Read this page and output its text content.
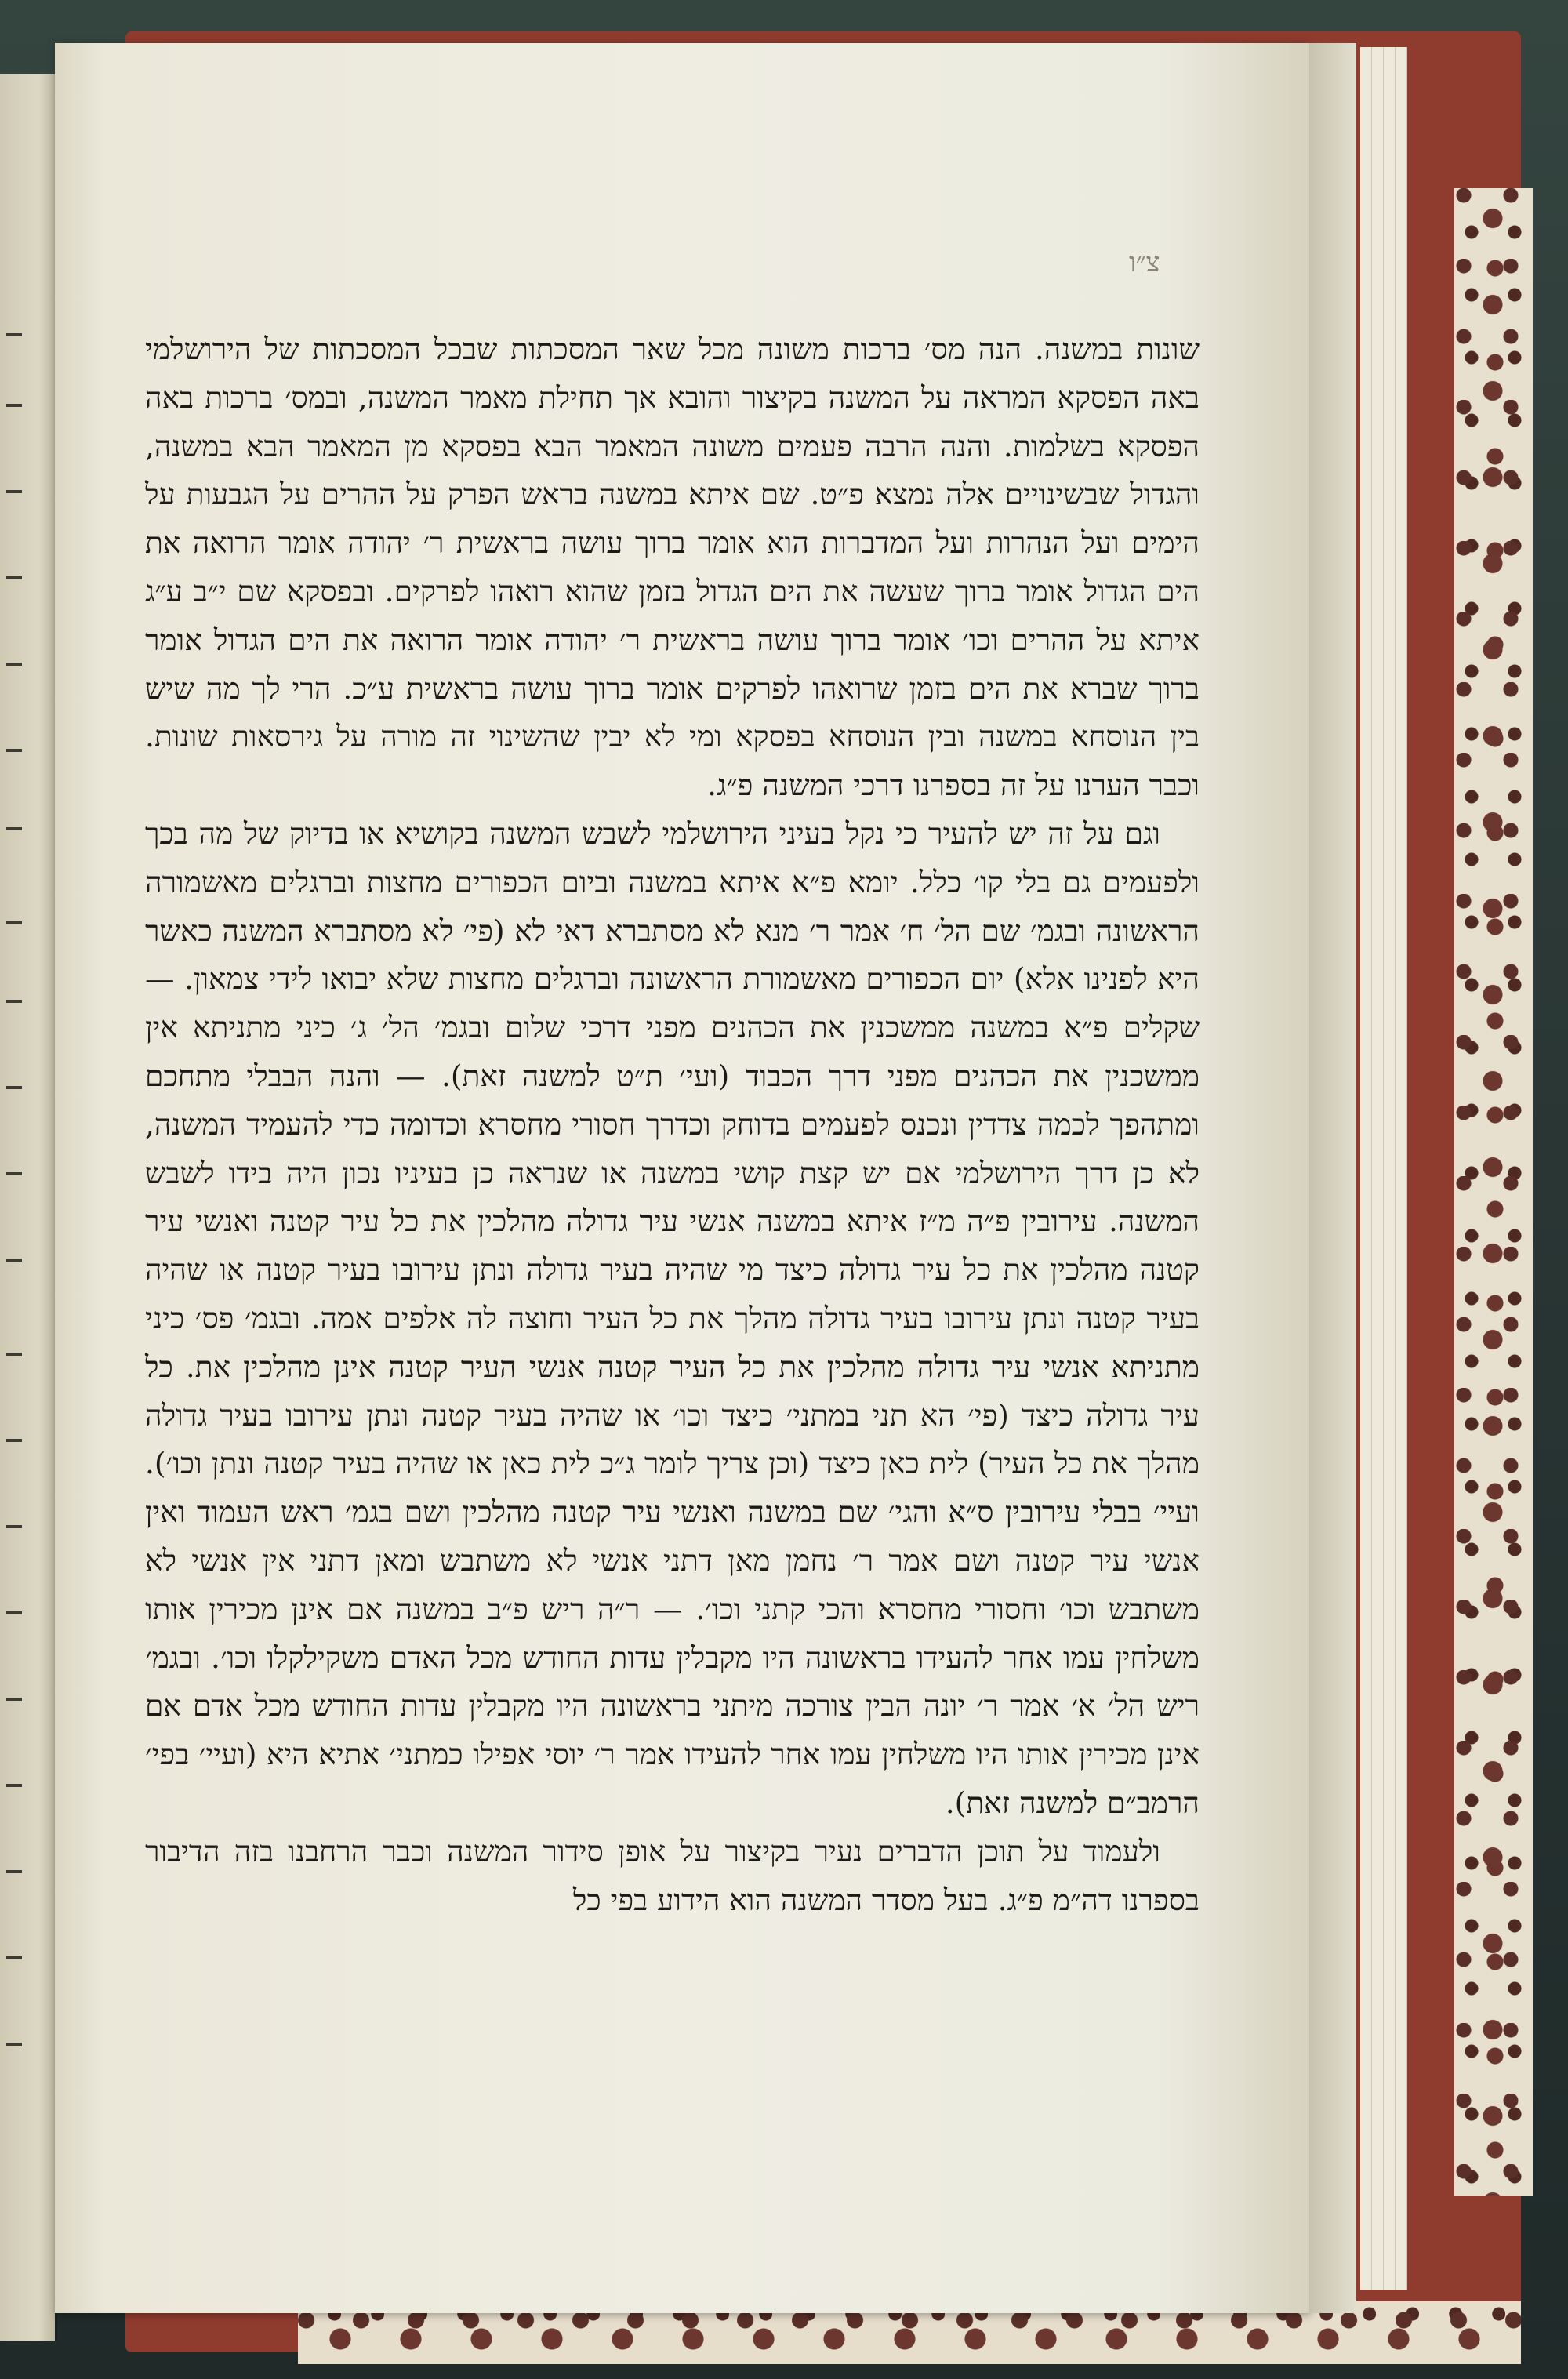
צ״ו

שונות במשנה. הנה מס׳ ברכות משונה מכל שאר המסכתות שבכל המסכתות של הירושלמי באה הפסקא המראה על המשנה בקיצור והובא אך תחילת מאמר המשנה, ובמס׳ ברכות באה הפסקא בשלמות. והנה הרבה פעמים משונה המאמר הבא בפסקא מן המאמר הבא במשנה, והגדול שבשינויים אלה נמצא פ״ט. שם איתא במשנה בראש הפרק על ההרים על הגבעות על הימים ועל הנהרות ועל המדברות הוא אומר ברוך עושה בראשית ר׳ יהודה אומר הרואה את הים הגדול אומר ברוך שעשה את הים הגדול בזמן שהוא רואהו לפרקים. ובפסקא שם י״ב ע״ג איתא על ההרים וכו׳ אומר ברוך עושה בראשית ר׳ יהודה אומר הרואה את הים הגדול אומר ברוך שברא את הים בזמן שרואהו לפרקים אומר ברוך עושה בראשית ע״כ. הרי לך מה שיש בין הנוסחא במשנה ובין הנוסחא בפסקא ומי לא יבין שהשינוי זה מורה על גירסאות שונות. וכבר הערנו על זה בספרנו דרכי המשנה פ״ג.

וגם על זה יש להעיר כי נקל בעיני הירושלמי לשבש המשנה בקושיא או בדיוק של מה בכך ולפעמים גם בלי קו׳ כלל. יומא פ״א איתא במשנה וביום הכפורים מחצות וברגלים מאשמורה הראשונה ובגמ׳ שם הל׳ ח׳ אמר ר׳ מנא לא מסתברא דאי לא (פי׳ לא מסתברא המשנה כאשר היא לפנינו אלא) יום הכפורים מאשמורת הראשונה וברגלים מחצות שלא יבואו לידי צמאון. — שקלים פ״א במשנה ממשכנין את הכהנים מפני דרכי שלום ובגמ׳ הל׳ ג׳ כיני מתניתא אין ממשכנין את הכהנים מפני דרך הכבוד (ועי׳ ת״ט למשנה זאת). — והנה הבבלי מתחכם ומתהפך לכמה צדדין ונכנס לפעמים בדוחק וכדרך חסורי מחסרא וכדומה כדי להעמיד המשנה, לא כן דרך הירושלמי אם יש קצת קושי במשנה או שנראה כן בעיניו נכון היה בידו לשבש המשנה. עירובין פ״ה מ״ז איתא במשנה אנשי עיר גדולה מהלכין את כל עיר קטנה ואנשי עיר קטנה מהלכין את כל עיר גדולה כיצד מי שהיה בעיר גדולה ונתן עירובו בעיר קטנה או שהיה בעיר קטנה ונתן עירובו בעיר גדולה מהלך את כל העיר וחוצה לה אלפים אמה. ובגמ׳ פס׳ כיני מתניתא אנשי עיר גדולה מהלכין את כל העיר קטנה אנשי העיר קטנה אינן מהלכין את. כל עיר גדולה כיצד (פי׳ הא תני במתני׳ כיצד וכו׳ או שהיה בעיר קטנה ונתן עירובו בעיר גדולה מהלך את כל העיר) לית כאן כיצד (וכן צריך לומר ג״כ לית כאן או שהיה בעיר קטנה ונתן וכו׳). ועיי׳ בבלי עירובין ס״א והגי׳ שם במשנה ואנשי עיר קטנה מהלכין ושם בגמ׳ ראש העמוד ואין אנשי עיר קטנה ושם אמר ר׳ נחמן מאן דתני אנשי לא משתבש ומאן דתני אין אנשי לא משתבש וכו׳ וחסורי מחסרא והכי קתני וכו׳. — ר״ה ריש פ״ב במשנה אם אינן מכירין אותו משלחין עמו אחר להעידו בראשונה היו מקבלין עדות החודש מכל האדם משקילקלו וכו׳. ובגמ׳ ריש הל׳ א׳ אמר ר׳ יונה הבין צורכה מיתני בראשונה היו מקבלין עדות החודש מכל אדם אם אינן מכירין אותו היו משלחין עמו אחר להעידו אמר ר׳ יוסי אפילו כמתני׳ אתיא היא (ועיי׳ בפי׳ הרמב״ם למשנה זאת).

ולעמוד על תוכן הדברים נעיר בקיצור על אופן סידור המשנה וכבר הרחבנו בזה הדיבור בספרנו דה״מ פ״ג. בעל מסדר המשנה הוא הידוע בפי כל
